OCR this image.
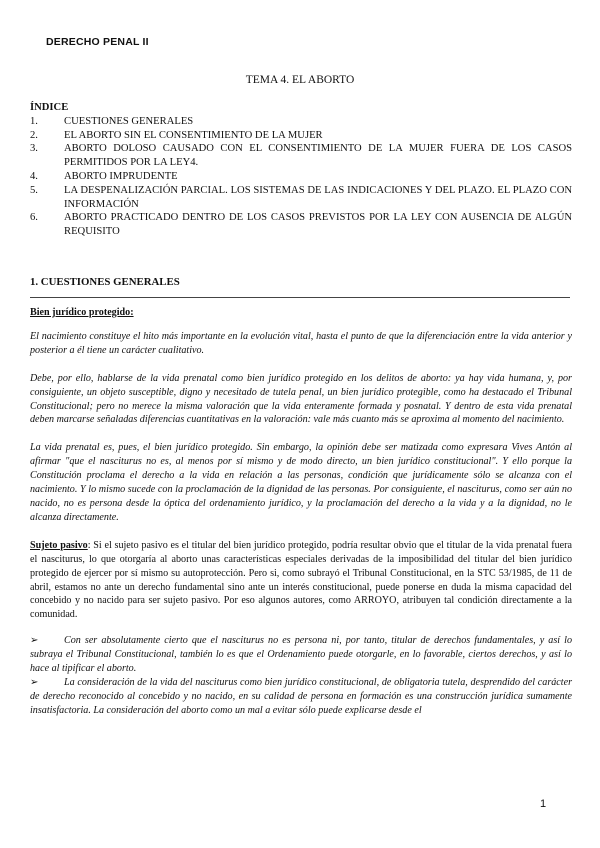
DERECHO PENAL II
TEMA 4. EL ABORTO
ÍNDICE
1.	CUESTIONES GENERALES
2.	EL ABORTO SIN EL CONSENTIMIENTO DE LA MUJER
3.	ABORTO DOLOSO CAUSADO CON EL CONSENTIMIENTO DE LA MUJER FUERA DE LOS CASOS PERMITIDOS POR LA LEY4.
4.	ABORTO IMPRUDENTE
5.	LA DESPENALIZACIÓN PARCIAL. LOS SISTEMAS DE LAS INDICACIONES Y DEL PLAZO. EL PLAZO CON INFORMACIÓN
6.	ABORTO PRACTICADO DENTRO DE LOS CASOS PREVISTOS POR LA LEY CON AUSENCIA DE ALGÚN REQUISITO
1. CUESTIONES GENERALES
Bien jurídico protegido:

El nacimiento constituye el hito más importante en la evolución vital, hasta el punto de que la diferenciación entre la vida anterior y posterior a él tiene un carácter cualitativo.

Debe, por ello, hablarse de la vida prenatal como bien jurídico protegido en los delitos de aborto: ya hay vida humana, y, por consiguiente, un objeto susceptible, digno y necesitado de tutela penal, un bien jurídico protegible, como ha destacado el Tribunal Constitucional; pero no merece la misma valoración que la vida enteramente formada y posnatal. Y dentro de esta vida prenatal deben marcarse señaladas diferencias cuantitativas en la valoración: vale más cuanto más se aproxima al momento del nacimiento.

La vida prenatal es, pues, el bien jurídico protegido. Sin embargo, la opinión debe ser matizada como expresara Vives Antón al afirmar "que el nasciturus no es, al menos por sí mismo y de modo directo, un bien jurídico constitucional". Y ello porque la Constitución proclama el derecho a la vida en relación a las personas, condición que jurídicamente sólo se alcanza con el nacimiento. Y lo mismo sucede con la proclamación de la dignidad de las personas. Por consiguiente, el nasciturus, como ser aún no nacido, no es persona desde la óptica del ordenamiento jurídico, y la proclamación del derecho a la vida y a la dignidad, no le alcanza directamente.

Sujeto pasivo: Si el sujeto pasivo es el titular del bien jurídico protegido, podría resultar obvio que el titular de la vida prenatal fuera el nasciturus, lo que otorgaría al aborto unas características especiales derivadas de la imposibilidad del titular del bien jurídico protegido de ejercer por sí mismo su autoprotección. Pero si, como subrayó el Tribunal Constitucional, en la STC 53/1985, de 11 de abril, estamos no ante un derecho fundamental sino ante un interés constitucional, puede ponerse en duda la misma capacidad del concebido y no nacido para ser sujeto pasivo. Por eso algunos autores, como ARROYO, atribuyen tal condición directamente a la comunidad.

➢	Con ser absolutamente cierto que el nasciturus no es persona ni, por tanto, titular de derechos fundamentales, y así lo subraya el Tribunal Constitucional, también lo es que el Ordenamiento puede otorgarle, en lo favorable, ciertos derechos, y así lo hace al tipificar el aborto.

➢	La consideración de la vida del nasciturus como bien jurídico constitucional, de obligatoria tutela, desprendido del carácter de derecho reconocido al concebido y no nacido, en su calidad de persona en formación es una construcción jurídica sumamente insatisfactoria. La consideración del aborto como un mal a evitar sólo puede explicarse desde el

1
